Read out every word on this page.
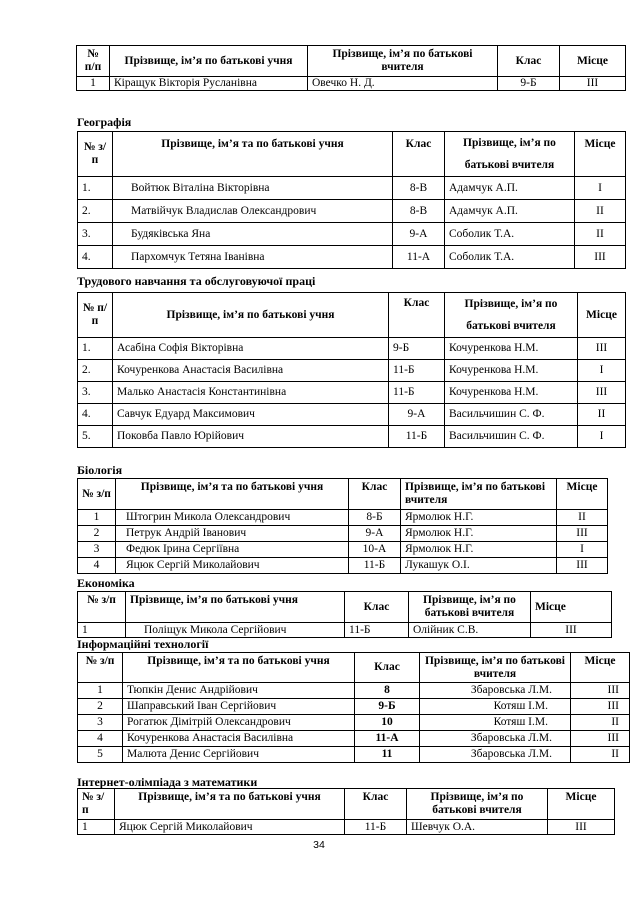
№ п/п	Прізвище, ім’я по батькові учня	Прізвище, ім’я по батькові вчителя	Клас	Місце
1	Кіращук Вікторія Русланівна	Овечко Н. Д.	9-Б	ІІІ
Географія
№ з/п	Прізвище, ім’я та по батькові учня	Клас	Прізвище, ім’я по батькові вчителя	Місце
1.	Войтюк Віталіна Вікторівна	8-В	Адамчук А.П.	І
2.	Матвійчук Владислав Олександрович	8-В	Адамчук А.П.	ІІ
3.	Будяківська Яна	9-А	Соболик Т.А.	ІІ
4.	Пархомчук Тетяна Іванівна	11-А	Соболик Т.А.	ІІІ
Трудового навчання та обслуговуючої праці
№ п/п	Прізвище, ім’я по батькові учня	Клас	Прізвище, ім’я по батькові вчителя	Місце
1.	Асабіна Софія Вікторівна	9-Б	Кочуренкова Н.М.	ІІІ
2.	Кочуренкова Анастасія Василівна	11-Б	Кочуренкова Н.М.	І
3.	Малько Анастасія Константинівна	11-Б	Кочуренкова Н.М.	ІІІ
4.	Савчук Едуард Максимович	9-А	Васильчишин С. Ф.	ІІ
5.	Поковба Павло Юрійович	11-Б	Васильчишин С. Ф.	І
Біологія
№ з/п	Прізвище, ім’я та по батькові учня	Клас	Прізвище, ім’я по батькові вчителя	Місце
1	Штогрин Микола Олександрович	8-Б	Ярмолюк Н.Г.	ІІ
2	Петрук Андрій Іванович	9-А	Ярмолюк Н.Г.	ІІІ
3	Федюк Ірина Сергіївна	10-А	Ярмолюк Н.Г.	І
4	Яцюк Сергій Миколайович	11-Б	Лукашук О.І.	ІІІ
Економіка
№ з/п	Прізвище, ім’я по батькові учня	Клас	Прізвище, ім’я по батькові вчителя	Місце
1	Поліщук Микола Сергійович	11-Б	Олійник С.В.	ІІІ
Інформаційні технології
№ з/п	Прізвище, ім’я та по батькові учня	Клас	Прізвище, ім’я по батькові вчителя	Місце
1	Тюпкін Денис Андрійович	8	Збаровська Л.М.	ІІІ
2	Шаправський Іван Сергійович	9-Б	Котяш І.М.	ІІІ
3	Рогатюк Дімітрій Олександрович	10	Котяш І.М.	ІІ
4	Кочуренкова Анастасія Василівна	11-А	Збаровська Л.М.	ІІІ
5	Малюта Денис Сергійович	11	Збаровська Л.М.	ІІ
Інтернет-олімпіада з математики
№ з/п	Прізвище, ім’я та по батькові учня	Клас	Прізвище, ім’я по батькові вчителя	Місце
1	Яцюк Сергій Миколайович	11-Б	Шевчук О.А.	ІІІ
34
